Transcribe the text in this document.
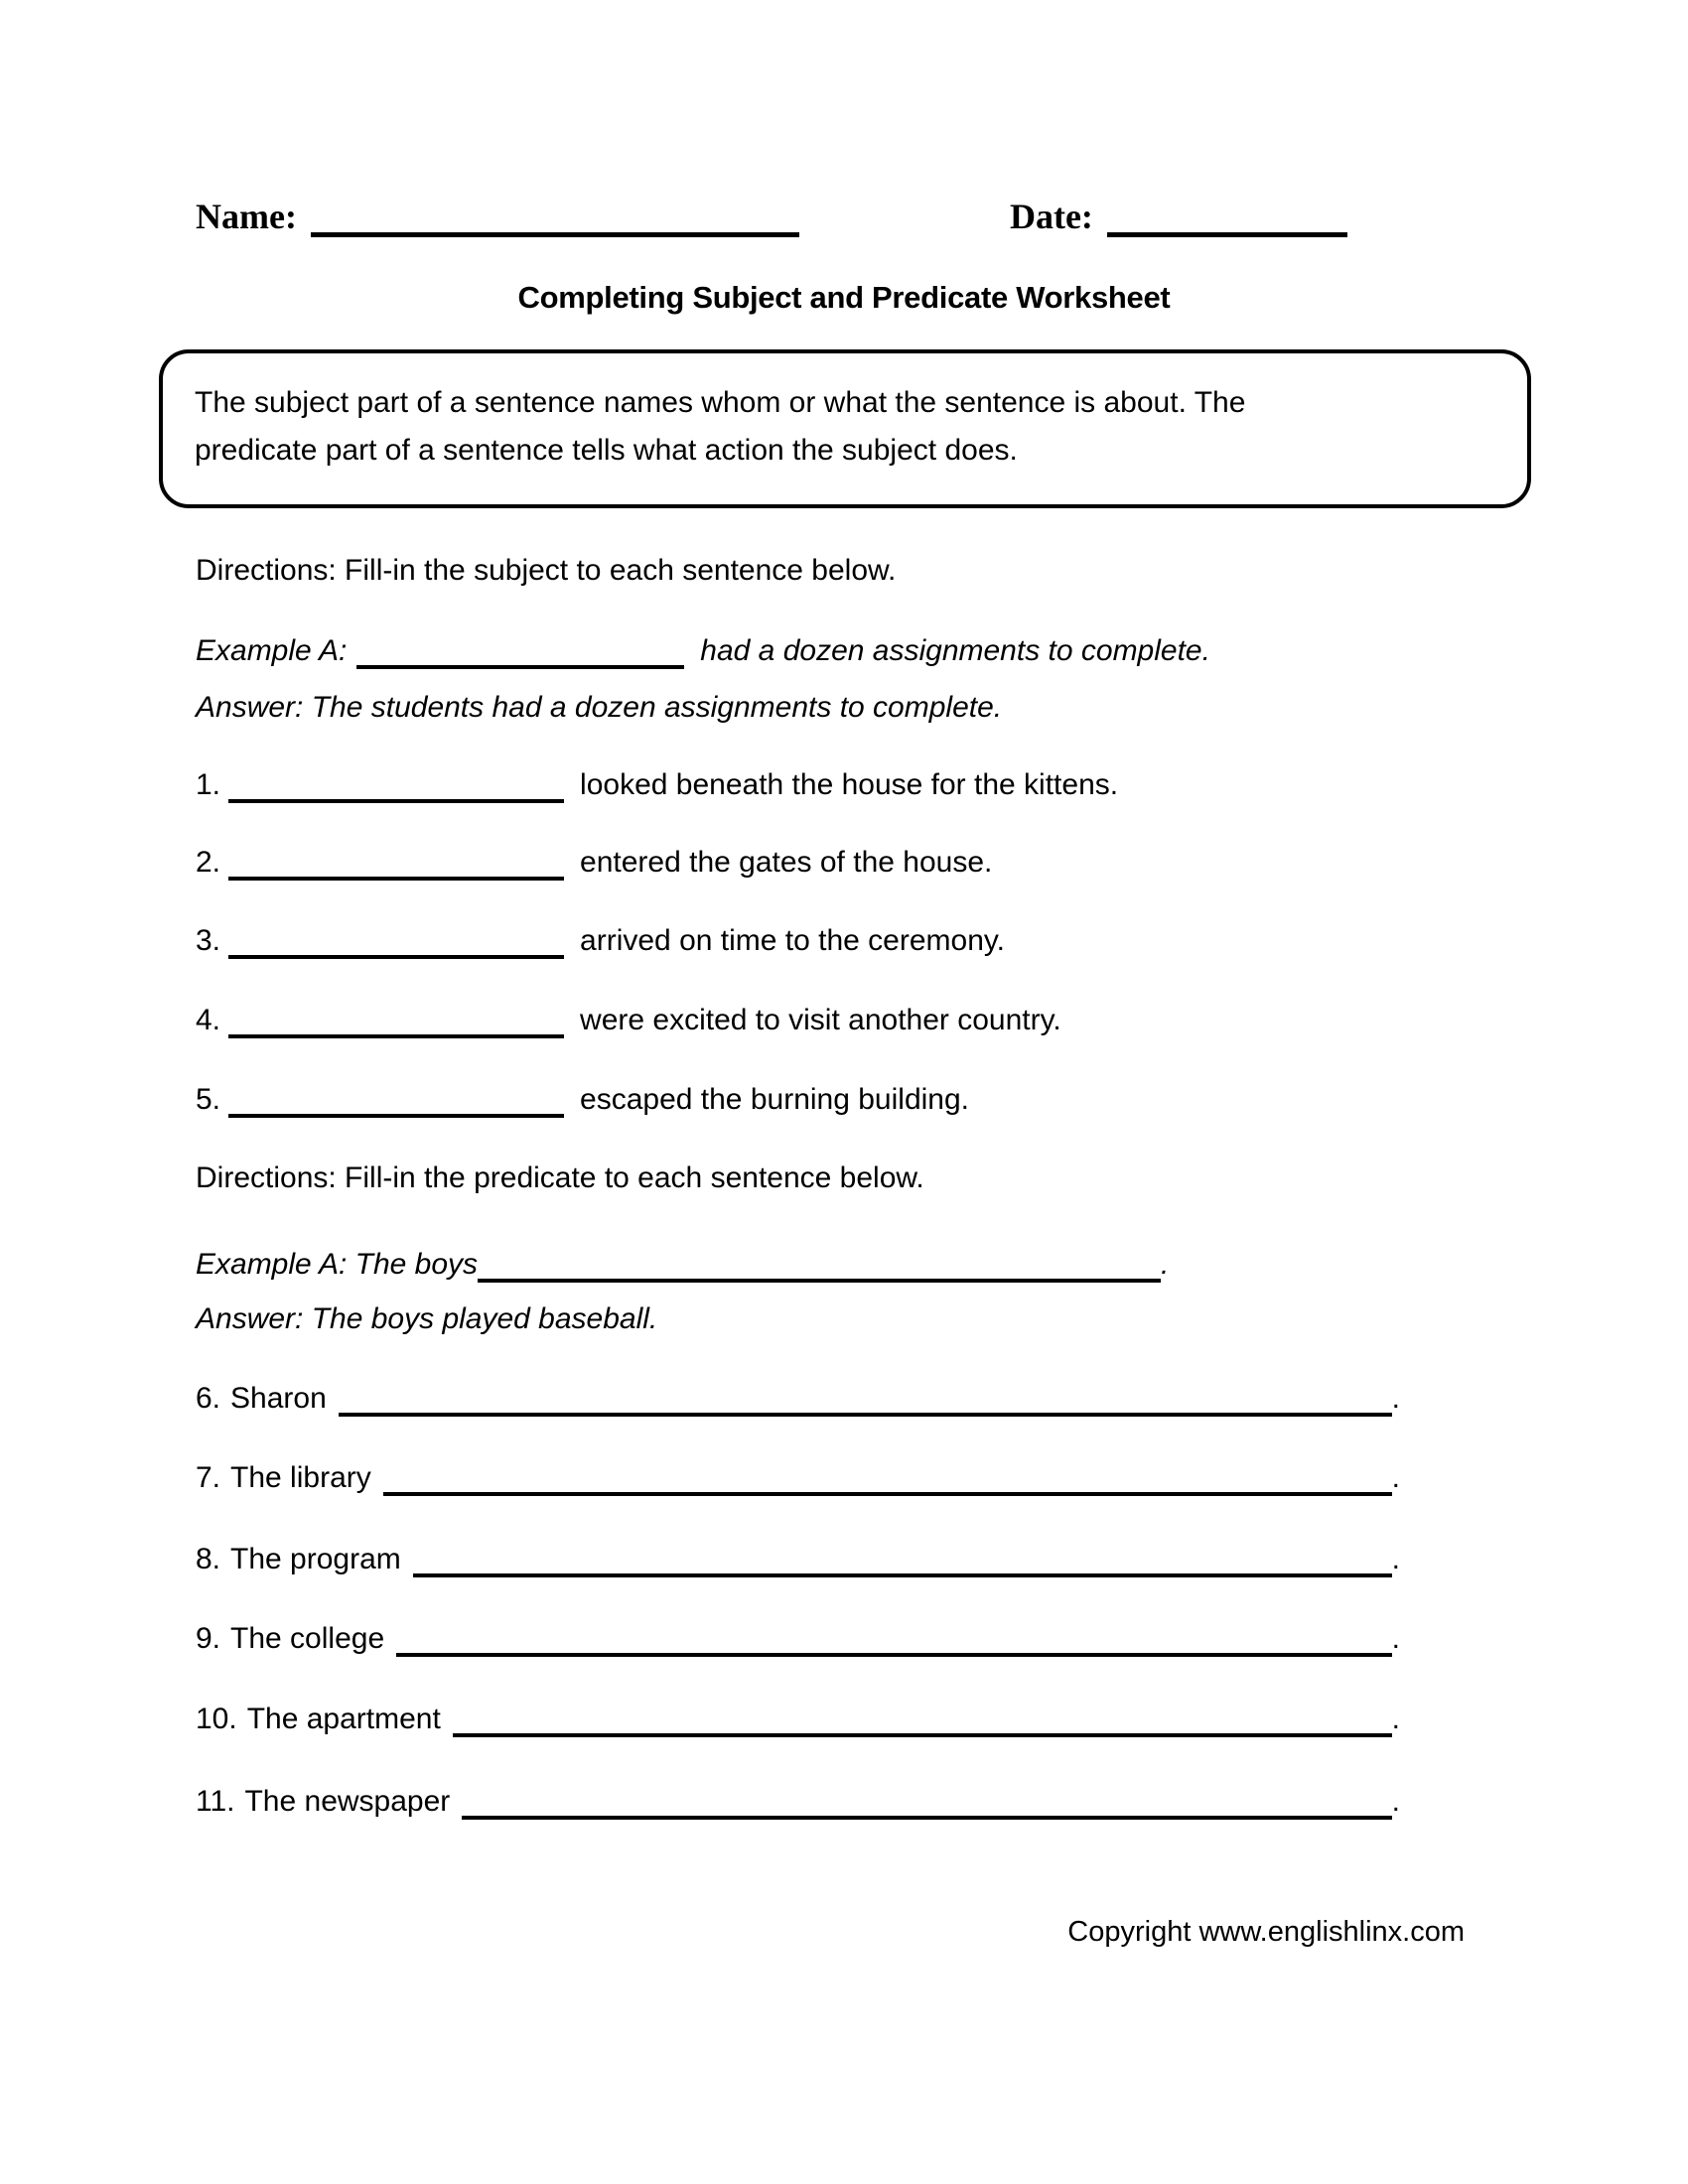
Name:	Date:
Completing Subject and Predicate Worksheet
The subject part of a sentence names whom or what the sentence is about. The
predicate part of a sentence tells what action the subject does.
Directions: Fill-in the subject to each sentence below.
Example A:	had a dozen assignments to complete.
Answer: The students had a dozen assignments to complete.
1.	looked beneath the house for the kittens.
2.	entered the gates of the house.
3.	arrived on time to the ceremony.
4.	were excited to visit another country.
5.	escaped the burning building.
Directions: Fill-in the predicate to each sentence below.
Example A: The boys	.
Answer: The boys played baseball.
6. Sharon	.
7. The library	.
8. The program	.
9. The college	.
10. The apartment	.
11. The newspaper	.
Copyright www.englishlinx.com
